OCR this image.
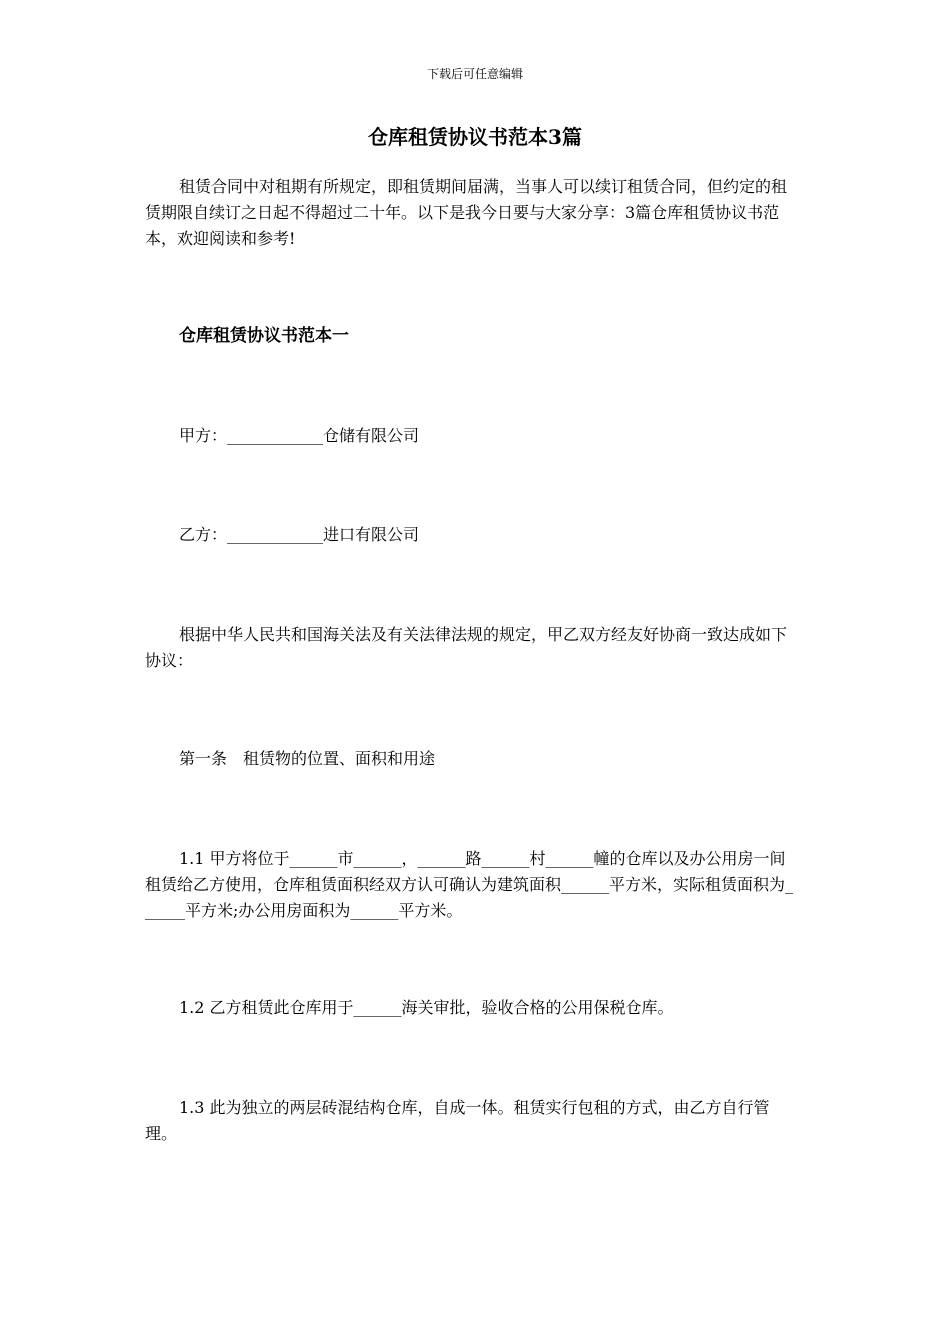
下载后可任意编辑
仓库租赁协议书范本3篇

租赁合同中对租期有所规定，即租赁期间届满，当事人可以续订租赁合同，但约定的租赁期限自续订之日起不得超过二十年。以下是我今日要与大家分享：3篇仓库租赁协议书范本，欢迎阅读和参考!

仓库租赁协议书范本一

甲方：____________仓储有限公司

乙方：____________进口有限公司

根据中华人民共和国海关法及有关法律法规的规定，甲乙双方经友好协商一致达成如下协议：

第一条　租赁物的位置、面积和用途

1.1 甲方将位于______市______，______路______村______幢的仓库以及办公用房一间租赁给乙方使用，仓库租赁面积经双方认可确认为建筑面积______平方米，实际租赁面积为______平方米;办公用房面积为______平方米。

1.2 乙方租赁此仓库用于______海关审批，验收合格的公用保税仓库。

1.3 此为独立的两层砖混结构仓库，自成一体。租赁实行包租的方式，由乙方自行管理。
